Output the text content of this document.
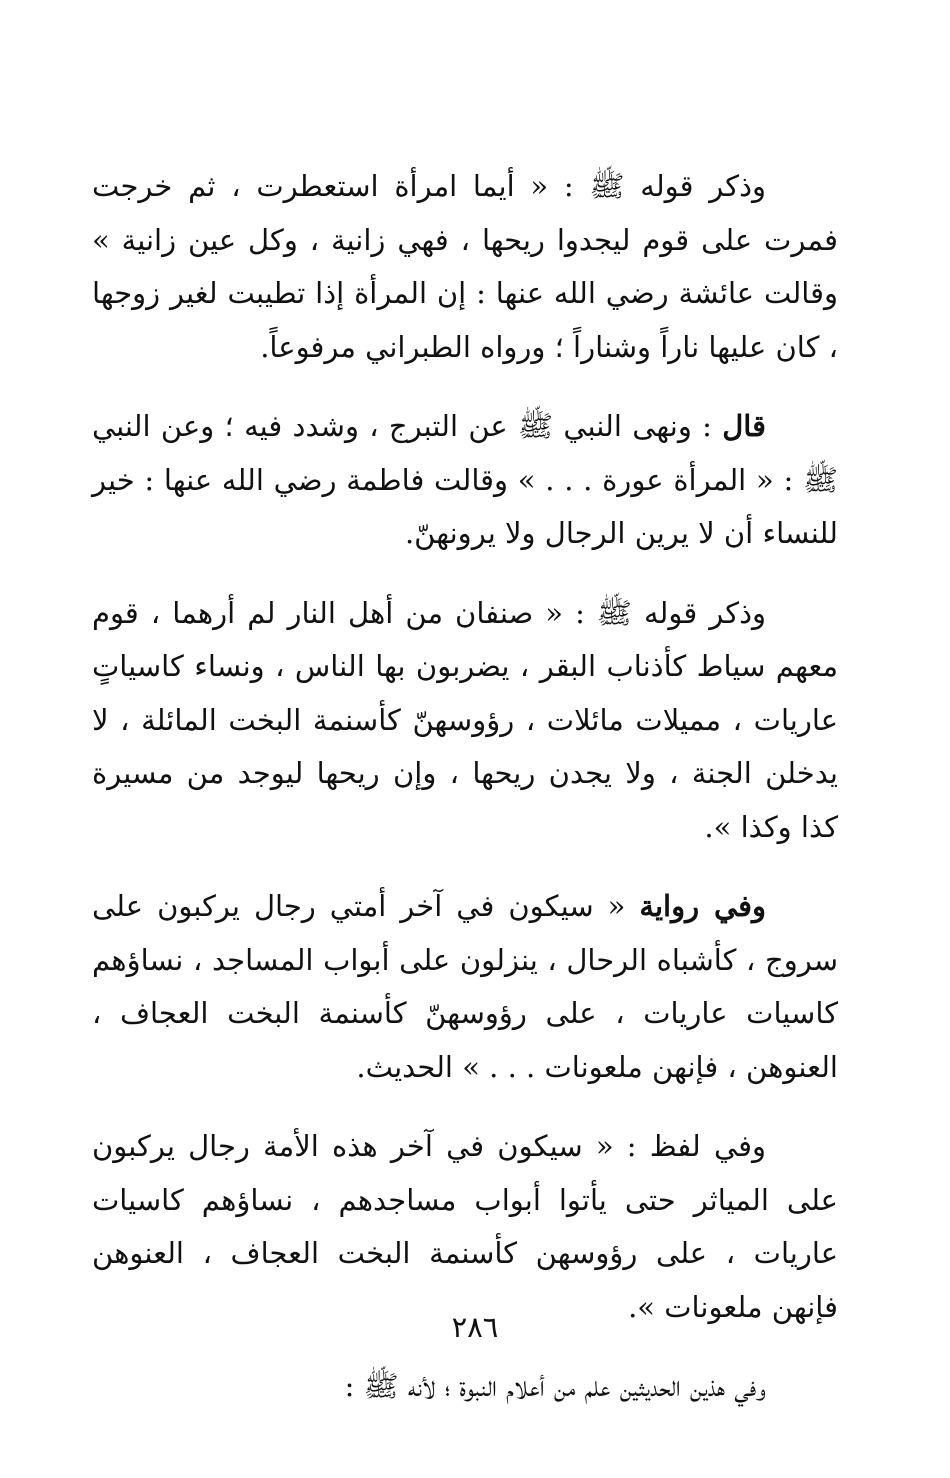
وذكر قوله ﷺ : « أيما امرأة استعطرت ، ثم خرجت فمرت على قوم ليجدوا ريحها ، فهي زانية ، وكل عين زانية » وقالت عائشة رضي الله عنها : إن المرأة إذا تطيبت لغير زوجها ، كان عليها ناراً وشناراً ؛ ورواه الطبراني مرفوعاً.

قال : ونهى النبي ﷺ عن التبرج ، وشدد فيه ؛ وعن النبي ﷺ : « المرأة عورة . . . » وقالت فاطمة رضي الله عنها : خير للنساء أن لا يرين الرجال ولا يرونهنّ.

وذكر قوله ﷺ : « صنفان من أهل النار لم أرهما ، قوم معهم سياط كأذناب البقر ، يضربون بها الناس ، ونساء كاسياتٍ عاريات ، مميلات مائلات ، رؤوسهنّ كأسنمة البخت المائلة ، لا يدخلن الجنة ، ولا يجدن ريحها ، وإن ريحها ليوجد من مسيرة كذا وكذا ».

وفي رواية « سيكون في آخر أمتي رجال يركبون على سروج ، كأشباه الرحال ، ينزلون على أبواب المساجد ، نساؤهم كاسيات عاريات ، على رؤوسهنّ كأسنمة البخت العجاف ، العنوهن ، فإنهن ملعونات . . . » الحديث.

وفي لفظ : « سيكون في آخر هذه الأمة رجال يركبون على المياثر حتى يأتوا أبواب مساجدهم ، نساؤهم كاسيات عاريات ، على رؤوسهن كأسنمة البخت العجاف ، العنوهن فإنهن ملعونات ».

وفي هذين الحديثين علم من أعلام النبوة ؛ لأنه ﷺ :

٢٨٦
